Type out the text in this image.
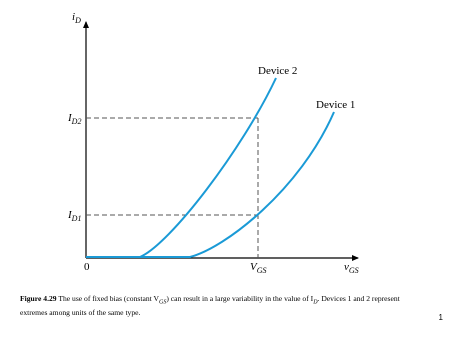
$i_D$
$v_{GS}$
0	$V_{GS}$
$I_{D2}$
$I_{D1}$
Device 2
Device 1
Figure 4.29 The use of fixed bias (constant $V_{GS}$) can result in a large variability in the value of $I_D$. Devices 1 and 2 represent extremes among units of the same type.
1
